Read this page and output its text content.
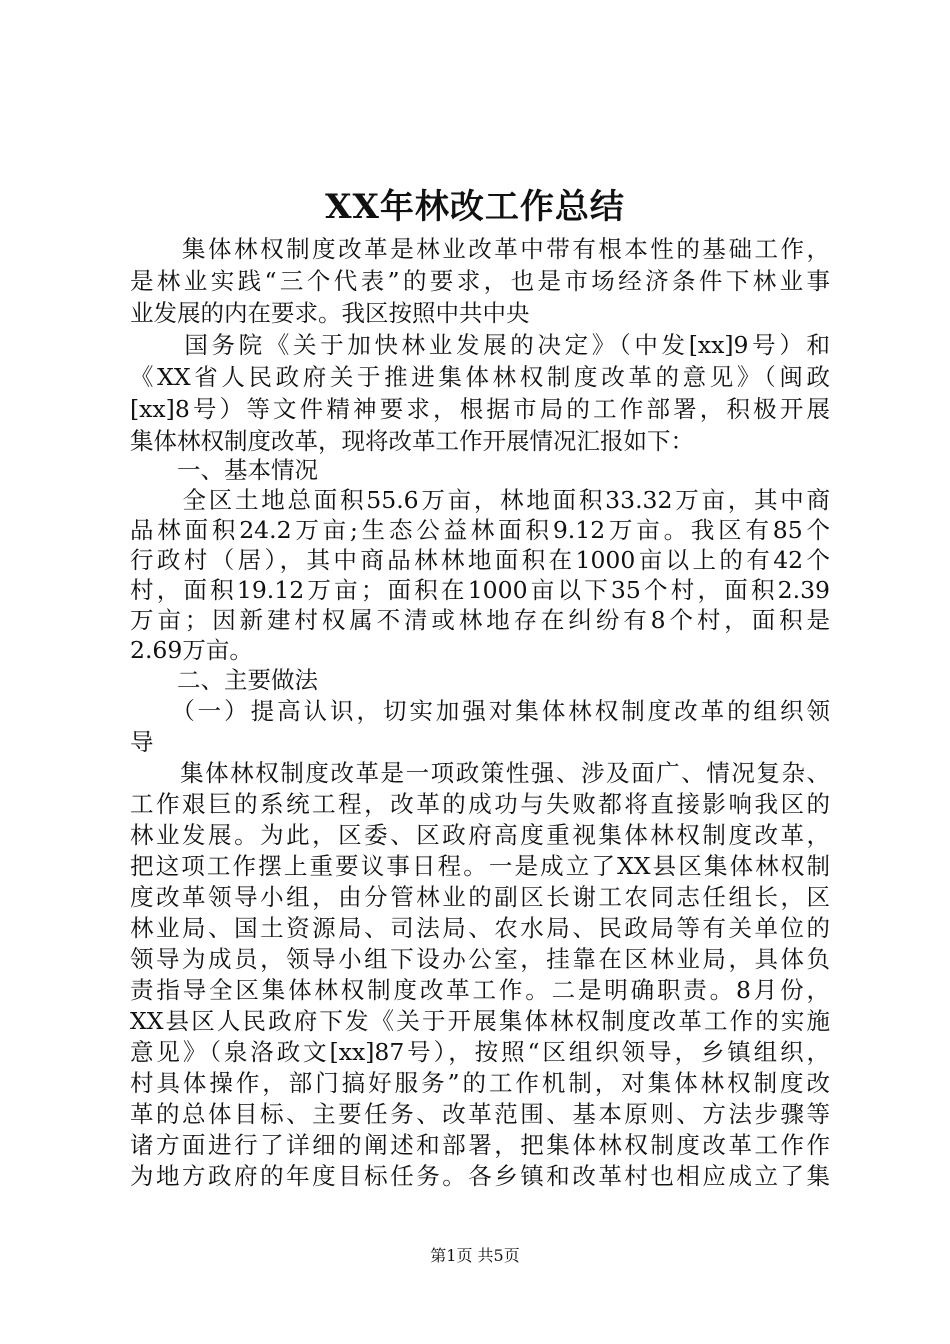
XX年林改工作总结
　　集体林权制度改革是林业改革中带有根本性的基础工作，
是林业实践“三个代表”的要求，也是市场经济条件下林业事
业发展的内在要求。我区按照中共中央
　　国务院《关于加快林业发展的决定》（中发[xx]9号）和
《XX省人民政府关于推进集体林权制度改革的意见》（闽政
[xx]8号）等文件精神要求，根据市局的工作部署，积极开展
集体林权制度改革，现将改革工作开展情况汇报如下：
　　一、基本情况
　　全区土地总面积55.6万亩，林地面积33.32万亩，其中商
品林面积24.2万亩;生态公益林面积9.12万亩。我区有85个
行政村（居），其中商品林林地面积在1000亩以上的有42个
村，面积19.12万亩；面积在1000亩以下35个村，面积2.39
万亩；因新建村权属不清或林地存在纠纷有8个村，面积是
2.69万亩。
　　二、主要做法
　　（一）提高认识，切实加强对集体林权制度改革的组织领
导
　　集体林权制度改革是一项政策性强、涉及面广、情况复杂、
工作艰巨的系统工程，改革的成功与失败都将直接影响我区的
林业发展。为此，区委、区政府高度重视集体林权制度改革，
把这项工作摆上重要议事日程。一是成立了XX县区集体林权制
度改革领导小组，由分管林业的副区长谢工农同志任组长，区
林业局、国土资源局、司法局、农水局、民政局等有关单位的
领导为成员，领导小组下设办公室，挂靠在区林业局，具体负
责指导全区集体林权制度改革工作。二是明确职责。8月份，
XX县区人民政府下发《关于开展集体林权制度改革工作的实施
意见》（泉洛政文[xx]87号），按照“区组织领导，乡镇组织，
村具体操作，部门搞好服务”的工作机制，对集体林权制度改
革的总体目标、主要任务、改革范围、基本原则、方法步骤等
诸方面进行了详细的阐述和部署，把集体林权制度改革工作作
为地方政府的年度目标任务。各乡镇和改革村也相应成立了集
第1页 共5页
